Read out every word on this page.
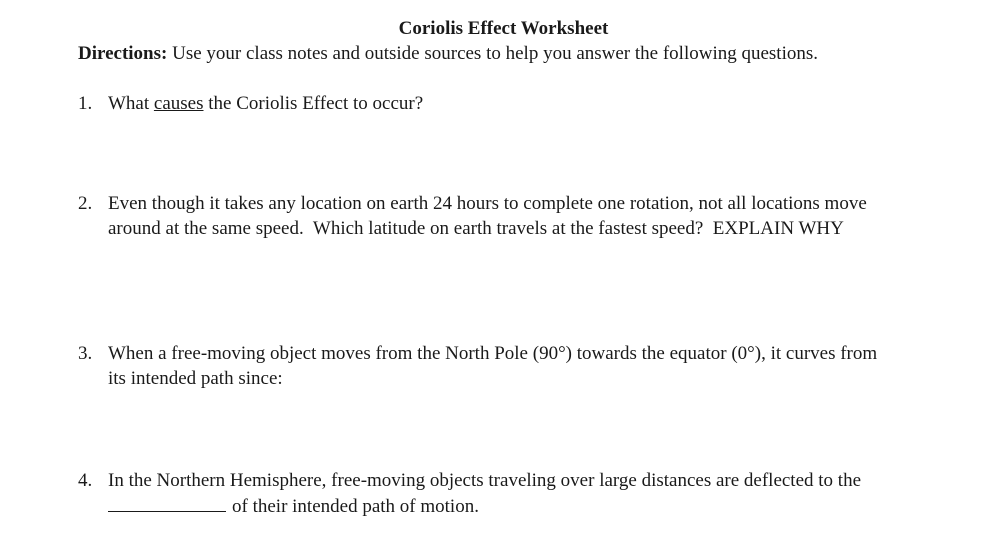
Coriolis Effect Worksheet
Directions: Use your class notes and outside sources to help you answer the following questions.
1. What causes the Coriolis Effect to occur?
2. Even though it takes any location on earth 24 hours to complete one rotation, not all locations move
around at the same speed.  Which latitude on earth travels at the fastest speed?  EXPLAIN WHY
3. When a free-moving object moves from the North Pole (90°) towards the equator (0°), it curves from
its intended path since:
4. In the Northern Hemisphere, free-moving objects traveling over large distances are deflected to the
of their intended path of motion.
